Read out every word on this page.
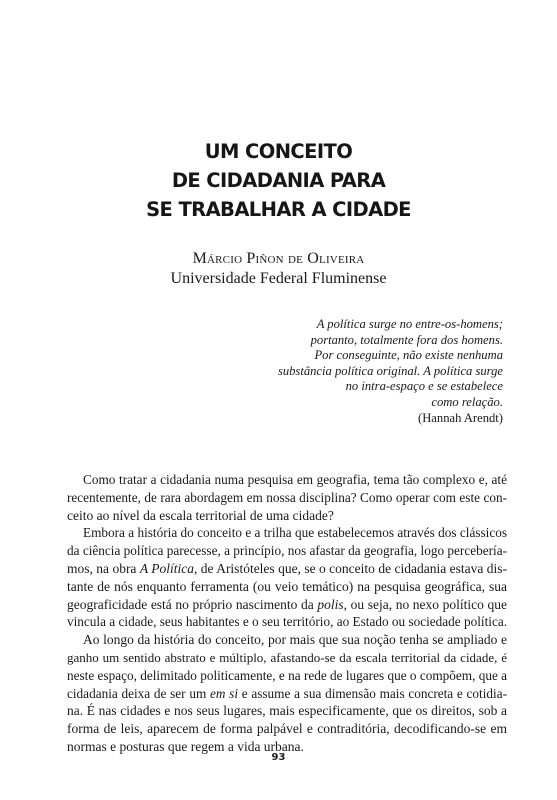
UM CONCEITO
DE CIDADANIA PARA
SE TRABALHAR A CIDADE
Márcio Piñon de Oliveira
Universidade Federal Fluminense
A política surge no entre-os-homens;
portanto, totalmente fora dos homens.
Por conseguinte, não existe nenhuma
substância política original. A política surge
no intra-espaço e se estabelece
como relação.
(Hannah Arendt)
Como tratar a cidadania numa pesquisa em geografia, tema tão complexo e, até
recentemente, de rara abordagem em nossa disciplina? Como operar com este con-
ceito ao nível da escala territorial de uma cidade?
Embora a história do conceito e a trilha que estabelecemos através dos clássicos
da ciência política parecesse, a princípio, nos afastar da geografia, logo percebería-
mos, na obra A Política, de Aristóteles que, se o conceito de cidadania estava dis-
tante de nós enquanto ferramenta (ou veio temático) na pesquisa geográfica, sua
geograficidade está no próprio nascimento da polis, ou seja, no nexo político que
vincula a cidade, seus habitantes e o seu território, ao Estado ou sociedade política.
Ao longo da história do conceito, por mais que sua noção tenha se ampliado e
ganho um sentido abstrato e múltiplo, afastando-se da escala territorial da cidade, é
neste espaço, delimitado politicamente, e na rede de lugares que o compõem, que a
cidadania deixa de ser um em si e assume a sua dimensão mais concreta e cotidia-
na. É nas cidades e nos seus lugares, mais especificamente, que os direitos, sob a
forma de leis, aparecem de forma palpável e contraditória, decodificando-se em
normas e posturas que regem a vida urbana.
93
